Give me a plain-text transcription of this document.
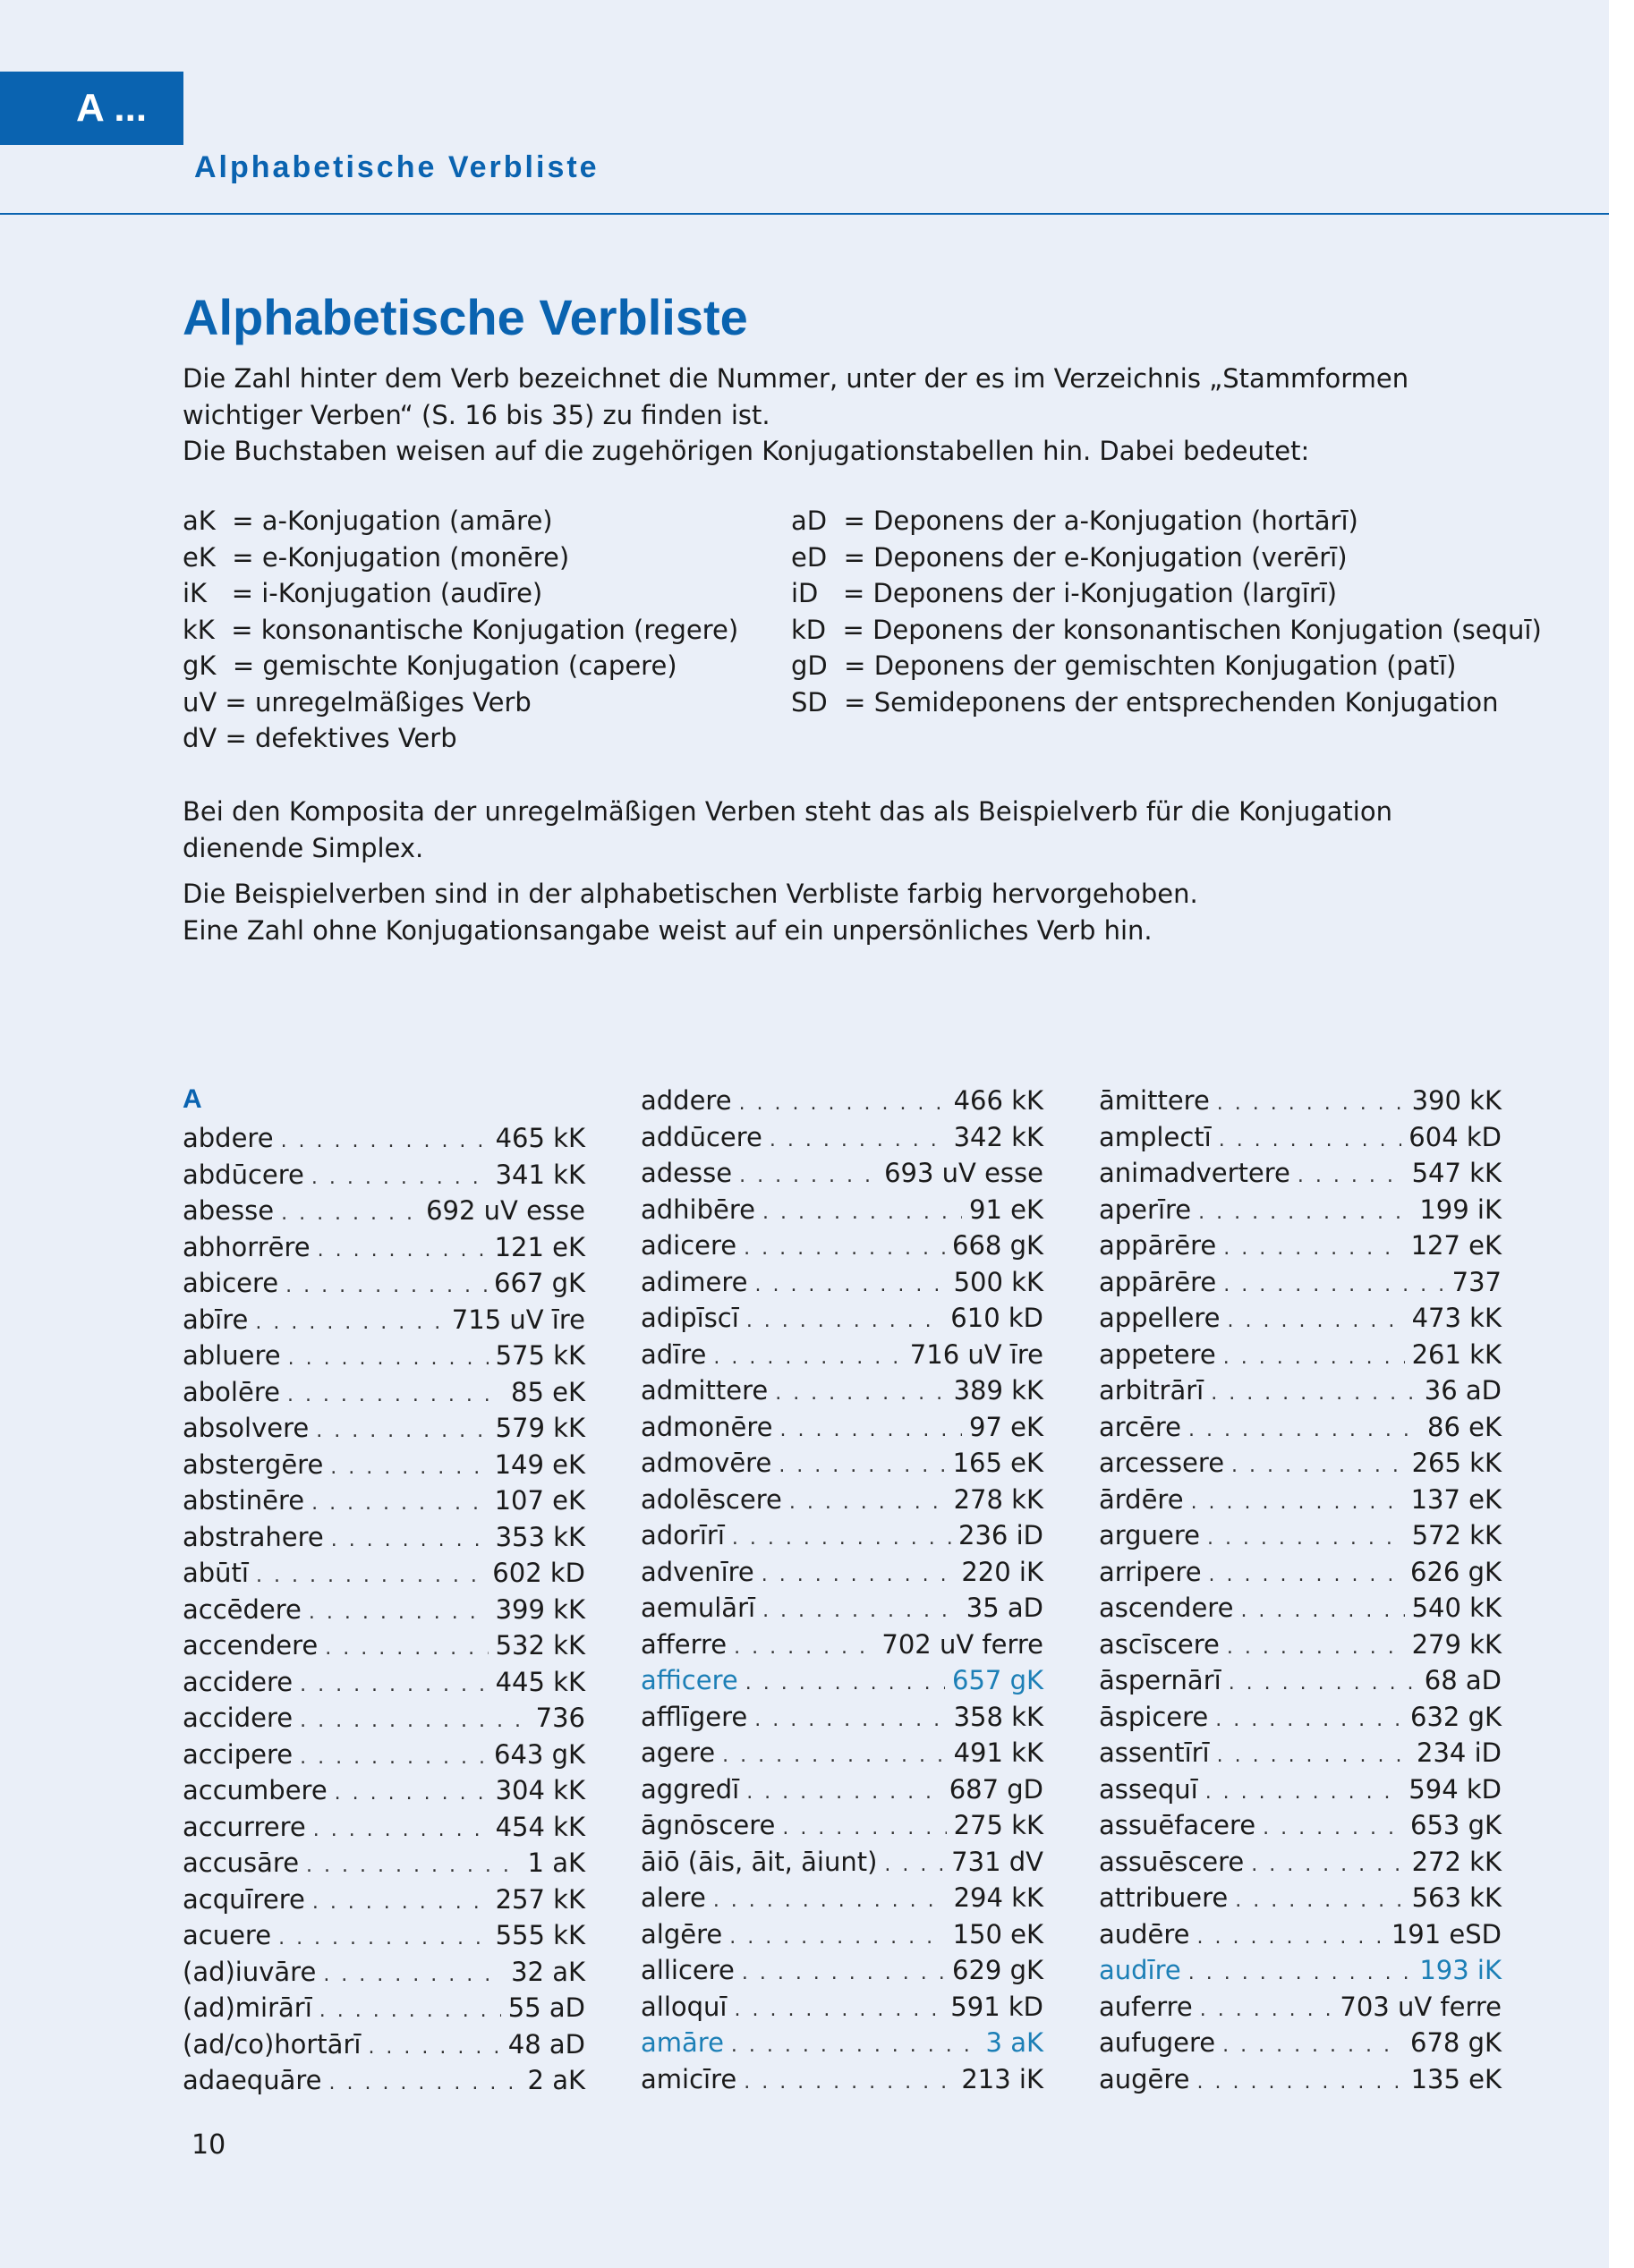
A ...
Alphabetische Verbliste
Alphabetische Verbliste

Die Zahl hinter dem Verb bezeichnet die Nummer, unter der es im Verzeichnis „Stammformen wichtiger Verben“ (S. 16 bis 35) zu finden ist.

Die Buchstaben weisen auf die zugehörigen Konjugationstabellen hin. Dabei bedeutet:

aK  = a-Konjugation (amāre)
eK  = e-Konjugation (monēre)
iK   = i-Konjugation (audīre)
kK  = konsonantische Konjugation (regere)
gK  = gemischte Konjugation (capere)
uV = unregelmäßiges Verb
dV = defektives Verb
aD  = Deponens der a-Konjugation (hortārī)
eD  = Deponens der e-Konjugation (verērī)
iD   = Deponens der i-Konjugation (largīrī)
kD  = Deponens der konsonantischen Konjugation (sequī)
gD  = Deponens der gemischten Konjugation (patī)
SD  = Semideponens der entsprechenden Konjugation

Bei den Komposita der unregelmäßigen Verben steht das als Beispielverb für die Konjugation dienende Simplex.

Die Beispielverben sind in der alphabetischen Verbliste farbig hervorgehoben.
Eine Zahl ohne Konjugationsangabe weist auf ein unpersönliches Verb hin.

A
abdere . . .	465 kK
abdūcere . . .	341 kK
abesse . . .	692 uV esse
abhorrēre . . .	121 eK
abicere . . .	667 gK
abīre . . .	715 uV īre
abluere . . .	575 kK
abolēre . . .	85 eK
absolvere . . .	579 kK
abstergēre . . .	149 eK
abstinēre . . .	107 eK
abstrahere . . .	353 kK
abūtī . . .	602 kD
accēdere . . .	399 kK
accendere . . .	532 kK
accidere . . .	445 kK
accidere . . .	736
accipere . . .	643 gK
accumbere . . .	304 kK
accurrere . . .	454 kK
accusāre . . .	1 aK
acquīrere . . .	257 kK
acuere . . .	555 kK
(ad)iuvāre . . .	32 aK
(ad)mirārī . . .	55 aD
(ad/co)hortārī . . .	48 aD
adaequāre . . .	2 aK
addere . . .	466 kK
addūcere . . .	342 kK
adesse . . .	693 uV esse
adhibēre . . .	91 eK
adicere . . .	668 gK
adimere . . .	500 kK
adipīscī . . .	610 kD
adīre . . .	716 uV īre
admittere . . .	389 kK
admonēre . . .	97 eK
admovēre . . .	165 eK
adolēscere . . .	278 kK
adorīrī . . .	236 iD
advenīre . . .	220 iK
aemulārī . . .	35 aD
afferre . . .	702 uV ferre
afficere . . .	657 gK
afflīgere . . .	358 kK
agere . . .	491 kK
aggredī . . .	687 gD
āgnōscere . . .	275 kK
āiō (āis, āit, āiunt) . . .	731 dV
alere . . .	294 kK
algēre . . .	150 eK
allicere . . .	629 gK
alloquī . . .	591 kD
amāre . . .	3 aK
amicīre . . .	213 iK
āmittere . . .	390 kK
amplectī . . .	604 kD
animadvertere . . .	547 kK
aperīre . . .	199 iK
appārēre . . .	127 eK
appārēre . . .	737
appellere . . .	473 kK
appetere . . .	261 kK
arbitrārī . . .	36 aD
arcēre . . .	86 eK
arcessere . . .	265 kK
ārdēre . . .	137 eK
arguere . . .	572 kK
arripere . . .	626 gK
ascendere . . .	540 kK
ascīscere . . .	279 kK
āspernārī . . .	68 aD
āspicere . . .	632 gK
assentīrī . . .	234 iD
assequī . . .	594 kD
assuēfacere . . .	653 gK
assuēscere . . .	272 kK
attribuere . . .	563 kK
audēre . . .	191 eSD
audīre . . .	193 iK
auferre . . .	703 uV ferre
aufugere . . .	678 gK
augēre . . .	135 eK
10
